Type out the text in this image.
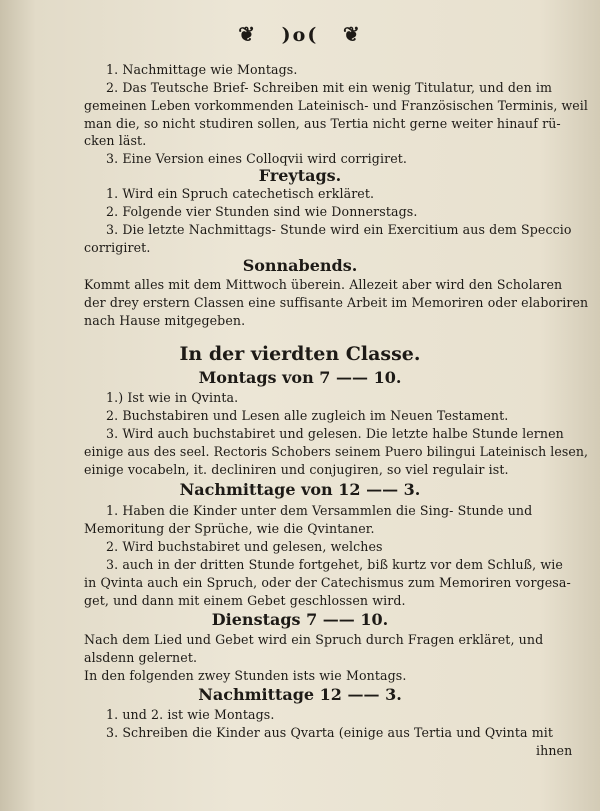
❦ )o( ❦
1. Nachmittage wie Montags.
2. Das Teutsche Brief- Schreiben mit ein wenig Titulatur, und den im
gemeinen Leben vorkommenden Lateinisch- und Französischen Terminis, weil
man die, so nicht studiren sollen, aus Tertia nicht gerne weiter hinauf rü-
cken läst.
3. Eine Version eines Colloqvii wird corrigiret.
Freytags.
1. Wird ein Spruch catechetisch erkläret.
2. Folgende vier Stunden sind wie Donnerstags.
3. Die letzte Nachmittags- Stunde wird ein Exercitium aus dem Speccio
corrigiret.
Sonnabends.
Kommt alles mit dem Mittwoch überein. Allezeit aber wird den Scholaren
der drey erstern Classen eine suffisante Arbeit im Memoriren oder elaboriren
nach Hause mitgegeben.
In der vierdten Classe.
Montags von 7 —— 10.
1.) Ist wie in Qvinta.
2. Buchstabiren und Lesen alle zugleich im Neuen Testament.
3. Wird auch buchstabiret und gelesen. Die letzte halbe Stunde lernen
einige aus des seel. Rectoris Schobers seinem Puero bilingui Lateinisch lesen,
einige vocabeln, it. decliniren und conjugiren, so viel regulair ist.
Nachmittage von 12 —— 3.
1. Haben die Kinder unter dem Versammlen die Sing- Stunde und
Memoritung der Sprüche, wie die Qvintaner.
2. Wird buchstabiret und gelesen, welches
3. auch in der dritten Stunde fortgehet, biß kurtz vor dem Schluß, wie
in Qvinta auch ein Spruch, oder der Catechismus zum Memoriren vorgesa-
get, und dann mit einem Gebet geschlossen wird.
Dienstags 7 —— 10.
Nach dem Lied und Gebet wird ein Spruch durch Fragen erkläret, und
alsdenn gelernet.
In den folgenden zwey Stunden ists wie Montags.
Nachmittage 12 —— 3.
1. und 2. ist wie Montags.
3. Schreiben die Kinder aus Qvarta (einige aus Tertia und Qvinta mit
ihnen
